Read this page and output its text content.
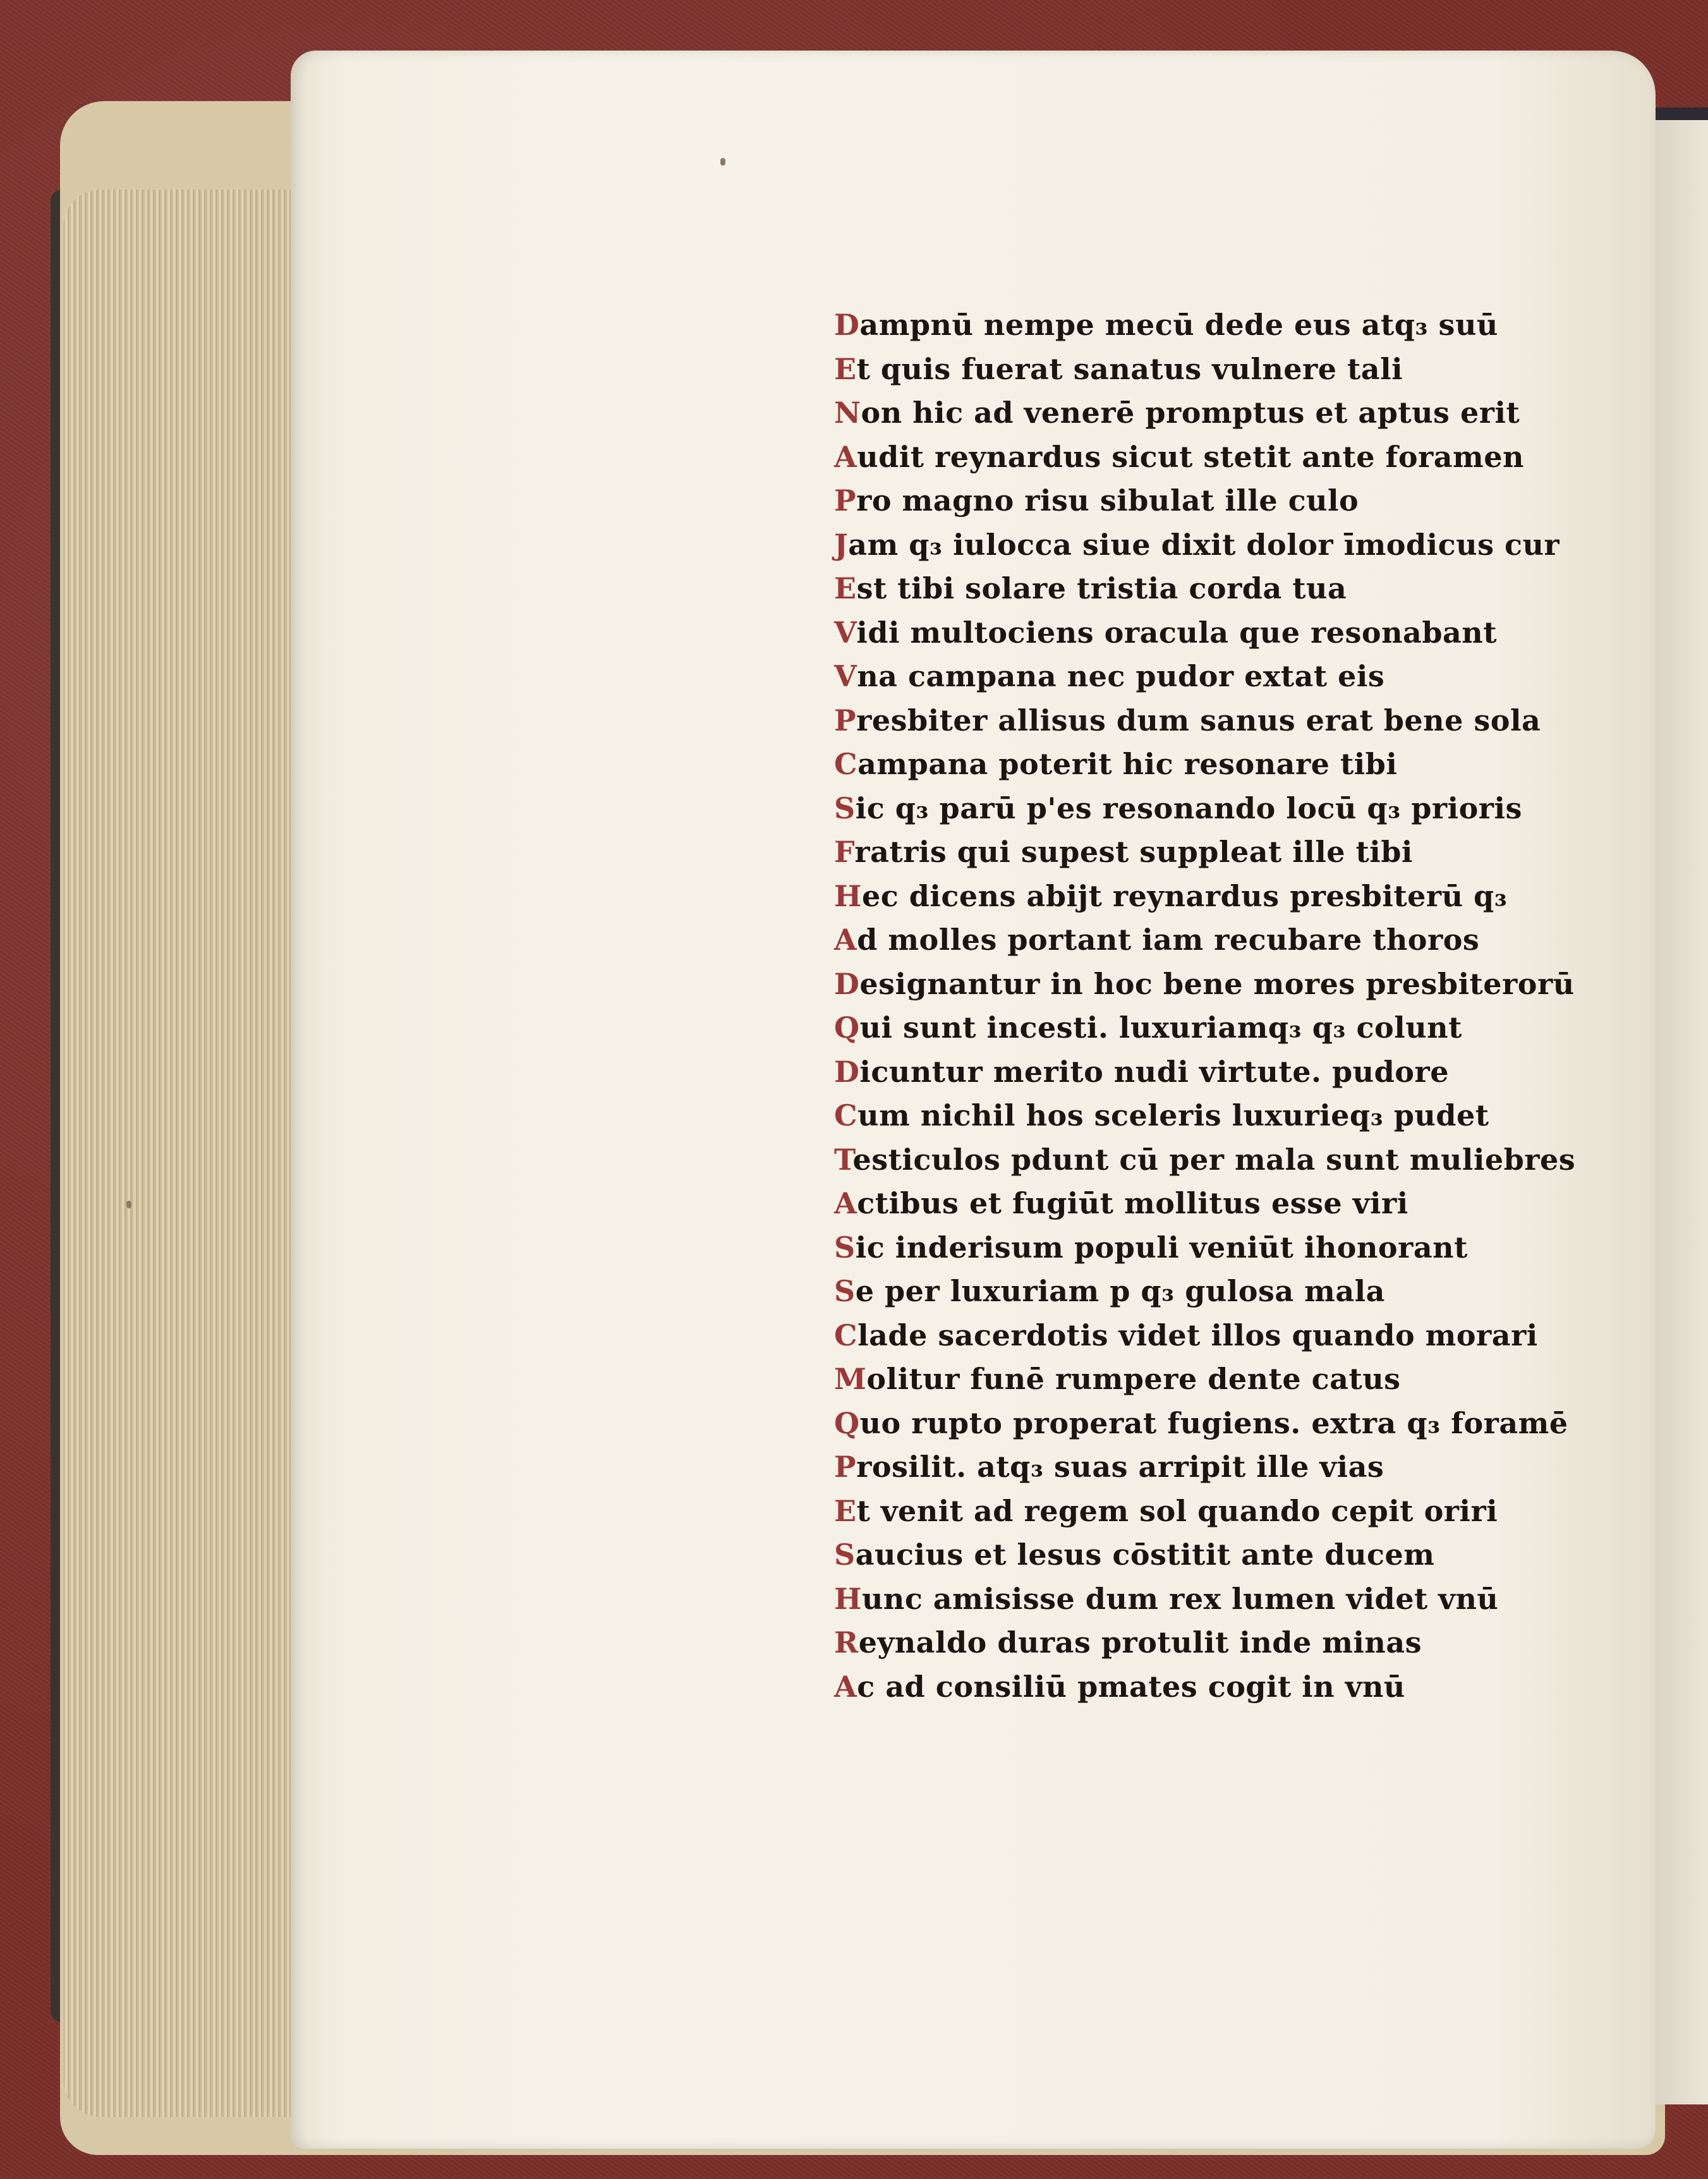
Dampnū nempe mecū dede eus atq₃ suū
Et quis fuerat sanatus vulnere tali
Non hic ad venerē promptus et aptus erit
Audit reynardus sicut stetit ante foramen
Pro magno risu sibulat ille culo
Jam q₃ iulocca siue dixit dolor īmodicus cur
Est tibi solare tristia corda tua
Vidi multociens oracula que resonabant
Vna campana nec pudor extat eis
Presbiter allisus dum sanus erat bene sola
Campana poterit hic resonare tibi
Sic q₃ parū p'es resonando locū q₃ prioris
Fratris qui supest suppleat ille tibi
Hec dicens abijt reynardus presbiterū q₃
Ad molles portant iam recubare thoros
Designantur in hoc bene mores presbiterorū
Qui sunt incesti. luxuriamq₃ q₃ colunt
Dicuntur merito nudi virtute. pudore
Cum nichil hos sceleris luxurieq₃ pudet
Testiculos pdunt cū per mala sunt muliebres
Actibus et fugiūt mollitus esse viri
Sic inderisum populi veniūt ihonorant
Se per luxuriam p q₃ gulosa mala
Clade sacerdotis videt illos quando morari
Molitur funē rumpere dente catus
Quo rupto properat fugiens. extra q₃ foramē
Prosilit. atq₃ suas arripit ille vias
Et venit ad regem sol quando cepit oriri
Saucius et lesus cōstitit ante ducem
Hunc amisisse dum rex lumen videt vnū
Reynaldo duras protulit inde minas
Ac ad consiliū pmates cogit in vnū
